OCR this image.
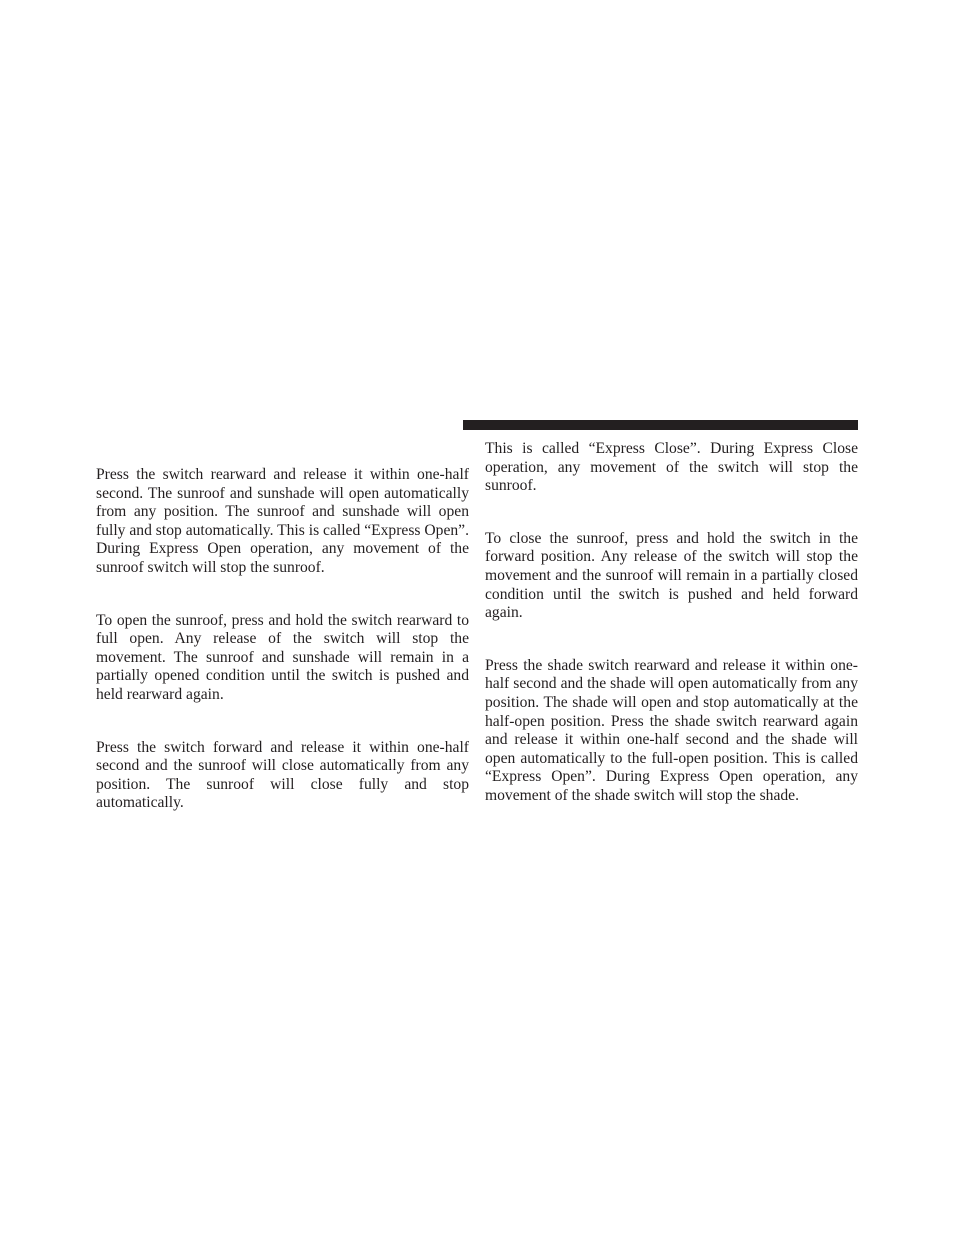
Press the switch rearward and release it within one-half second. The sunroof and sunshade will open automatically from any position. The sunroof and sunshade will open fully and stop automatically. This is called “Express Open”. During Express Open operation, any movement of the sunroof switch will stop the sunroof.

To open the sunroof, press and hold the switch rearward to full open. Any release of the switch will stop the movement. The sunroof and sunshade will remain in a partially opened condition until the switch is pushed and held rearward again.

Press the switch forward and release it within one-half second and the sunroof will close automatically from any position. The sunroof will close fully and stop automatically.

This is called “Express Close”. During Express Close operation, any movement of the switch will stop the sunroof.

To close the sunroof, press and hold the switch in the forward position. Any release of the switch will stop the movement and the sunroof will remain in a partially closed condition until the switch is pushed and held forward again.

Press the shade switch rearward and release it within one-half second and the shade will open automatically from any position. The shade will open and stop automatically at the half-open position. Press the shade switch rearward again and release it within one-half second and the shade will open automatically to the full-open position. This is called “Express Open”. During Express Open operation, any movement of the shade switch will stop the shade.
